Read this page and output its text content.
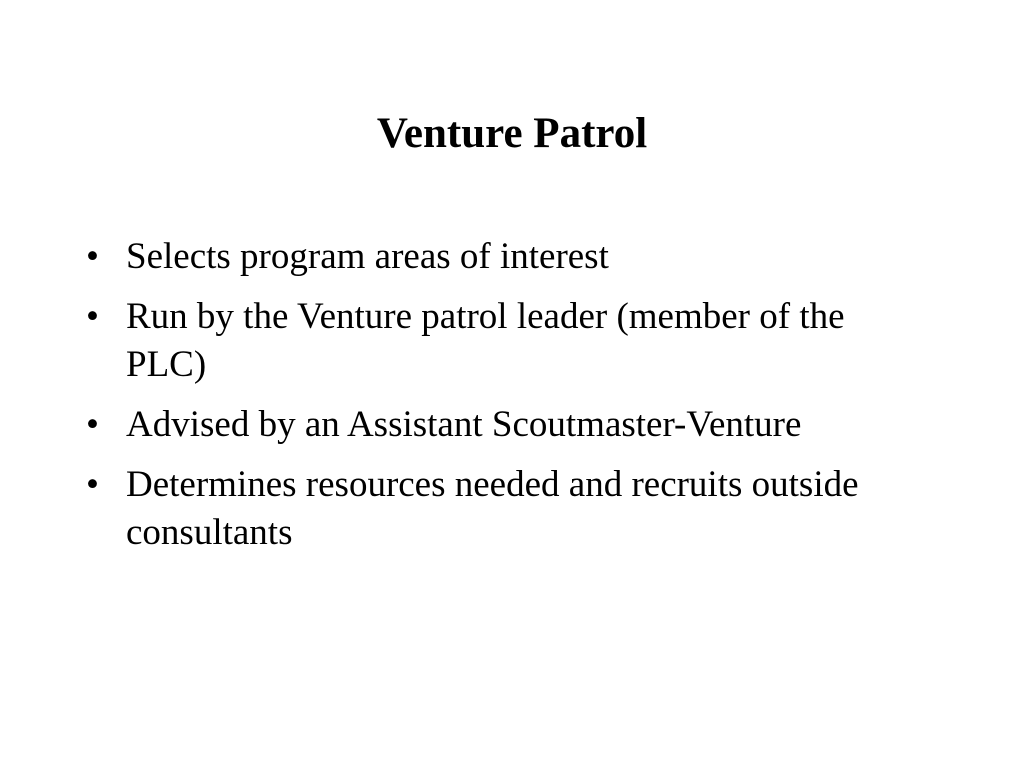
Venture Patrol
• Selects program areas of interest
• Run by the Venture patrol leader (member of the PLC)
• Advised by an Assistant Scoutmaster-Venture
• Determines resources needed and recruits outside consultants
